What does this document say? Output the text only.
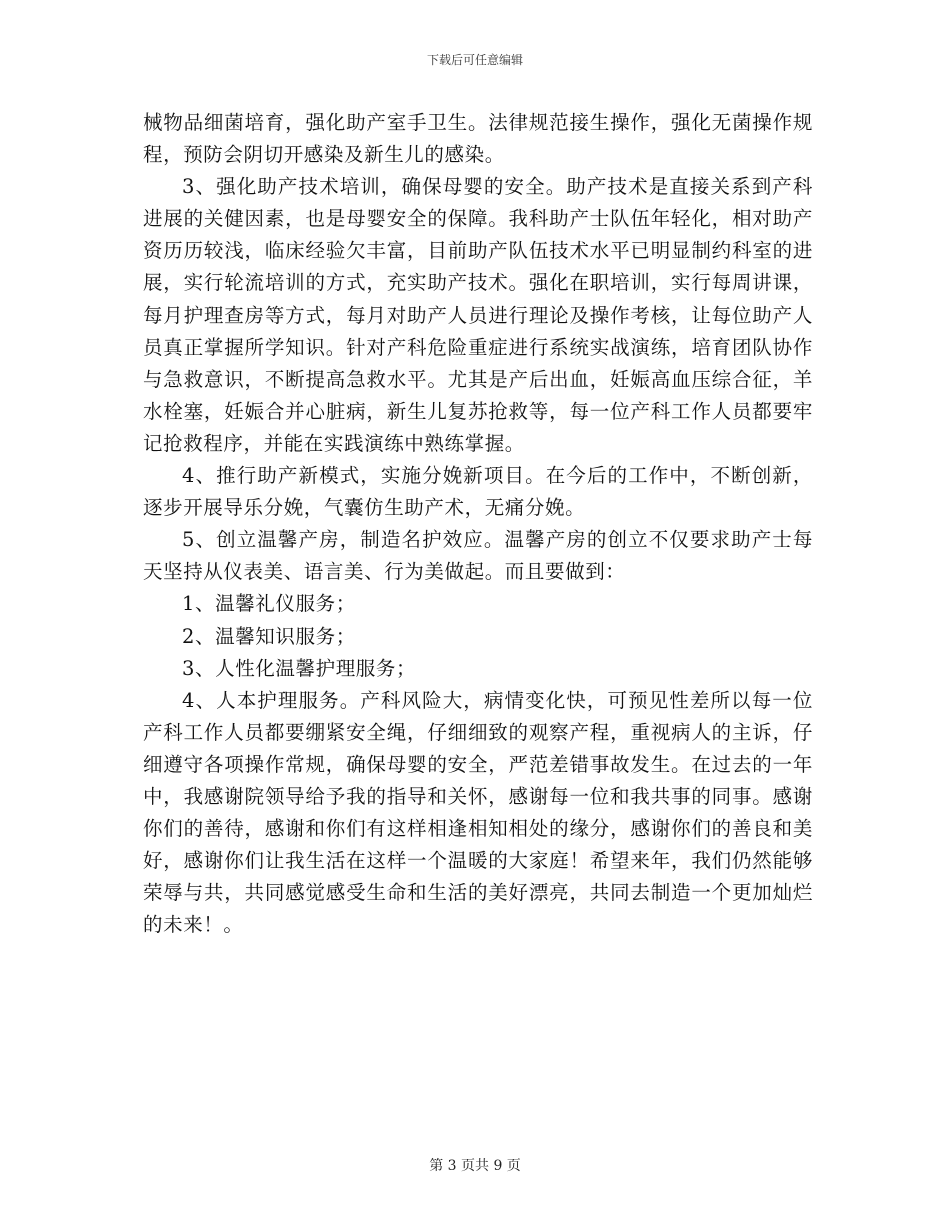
下载后可任意编辑

械物品细菌培育，强化助产室手卫生。法律规范接生操作，强化无菌操作规程，预防会阴切开感染及新生儿的感染。

3、强化助产技术培训，确保母婴的安全。助产技术是直接关系到产科进展的关健因素，也是母婴安全的保障。我科助产士队伍年轻化，相对助产资历历较浅，临床经验欠丰富，目前助产队伍技术水平已明显制约科室的进展，实行轮流培训的方式，充实助产技术。强化在职培训，实行每周讲课，每月护理查房等方式，每月对助产人员进行理论及操作考核，让每位助产人员真正掌握所学知识。针对产科危险重症进行系统实战演练，培育团队协作与急救意识，不断提高急救水平。尤其是产后出血，妊娠高血压综合征，羊水栓塞，妊娠合并心脏病，新生儿复苏抢救等，每一位产科工作人员都要牢记抢救程序，并能在实践演练中熟练掌握。

4、推行助产新模式，实施分娩新项目。在今后的工作中，不断创新，逐步开展导乐分娩，气囊仿生助产术，无痛分娩。

5、创立温馨产房，制造名护效应。温馨产房的创立不仅要求助产士每天坚持从仪表美、语言美、行为美做起。而且要做到：

1、温馨礼仪服务；

2、温馨知识服务；

3、人性化温馨护理服务；

4、人本护理服务。产科风险大，病情变化快，可预见性差所以每一位产科工作人员都要绷紧安全绳，仔细细致的观察产程，重视病人的主诉，仔细遵守各项操作常规，确保母婴的安全，严范差错事故发生。在过去的一年中，我感谢院领导给予我的指导和关怀，感谢每一位和我共事的同事。感谢你们的善待，感谢和你们有这样相逢相知相处的缘分，感谢你们的善良和美好，感谢你们让我生活在这样一个温暖的大家庭！希望来年，我们仍然能够荣辱与共，共同感觉感受生命和生活的美好漂亮，共同去制造一个更加灿烂的未来！。

第 3 页共 9 页
